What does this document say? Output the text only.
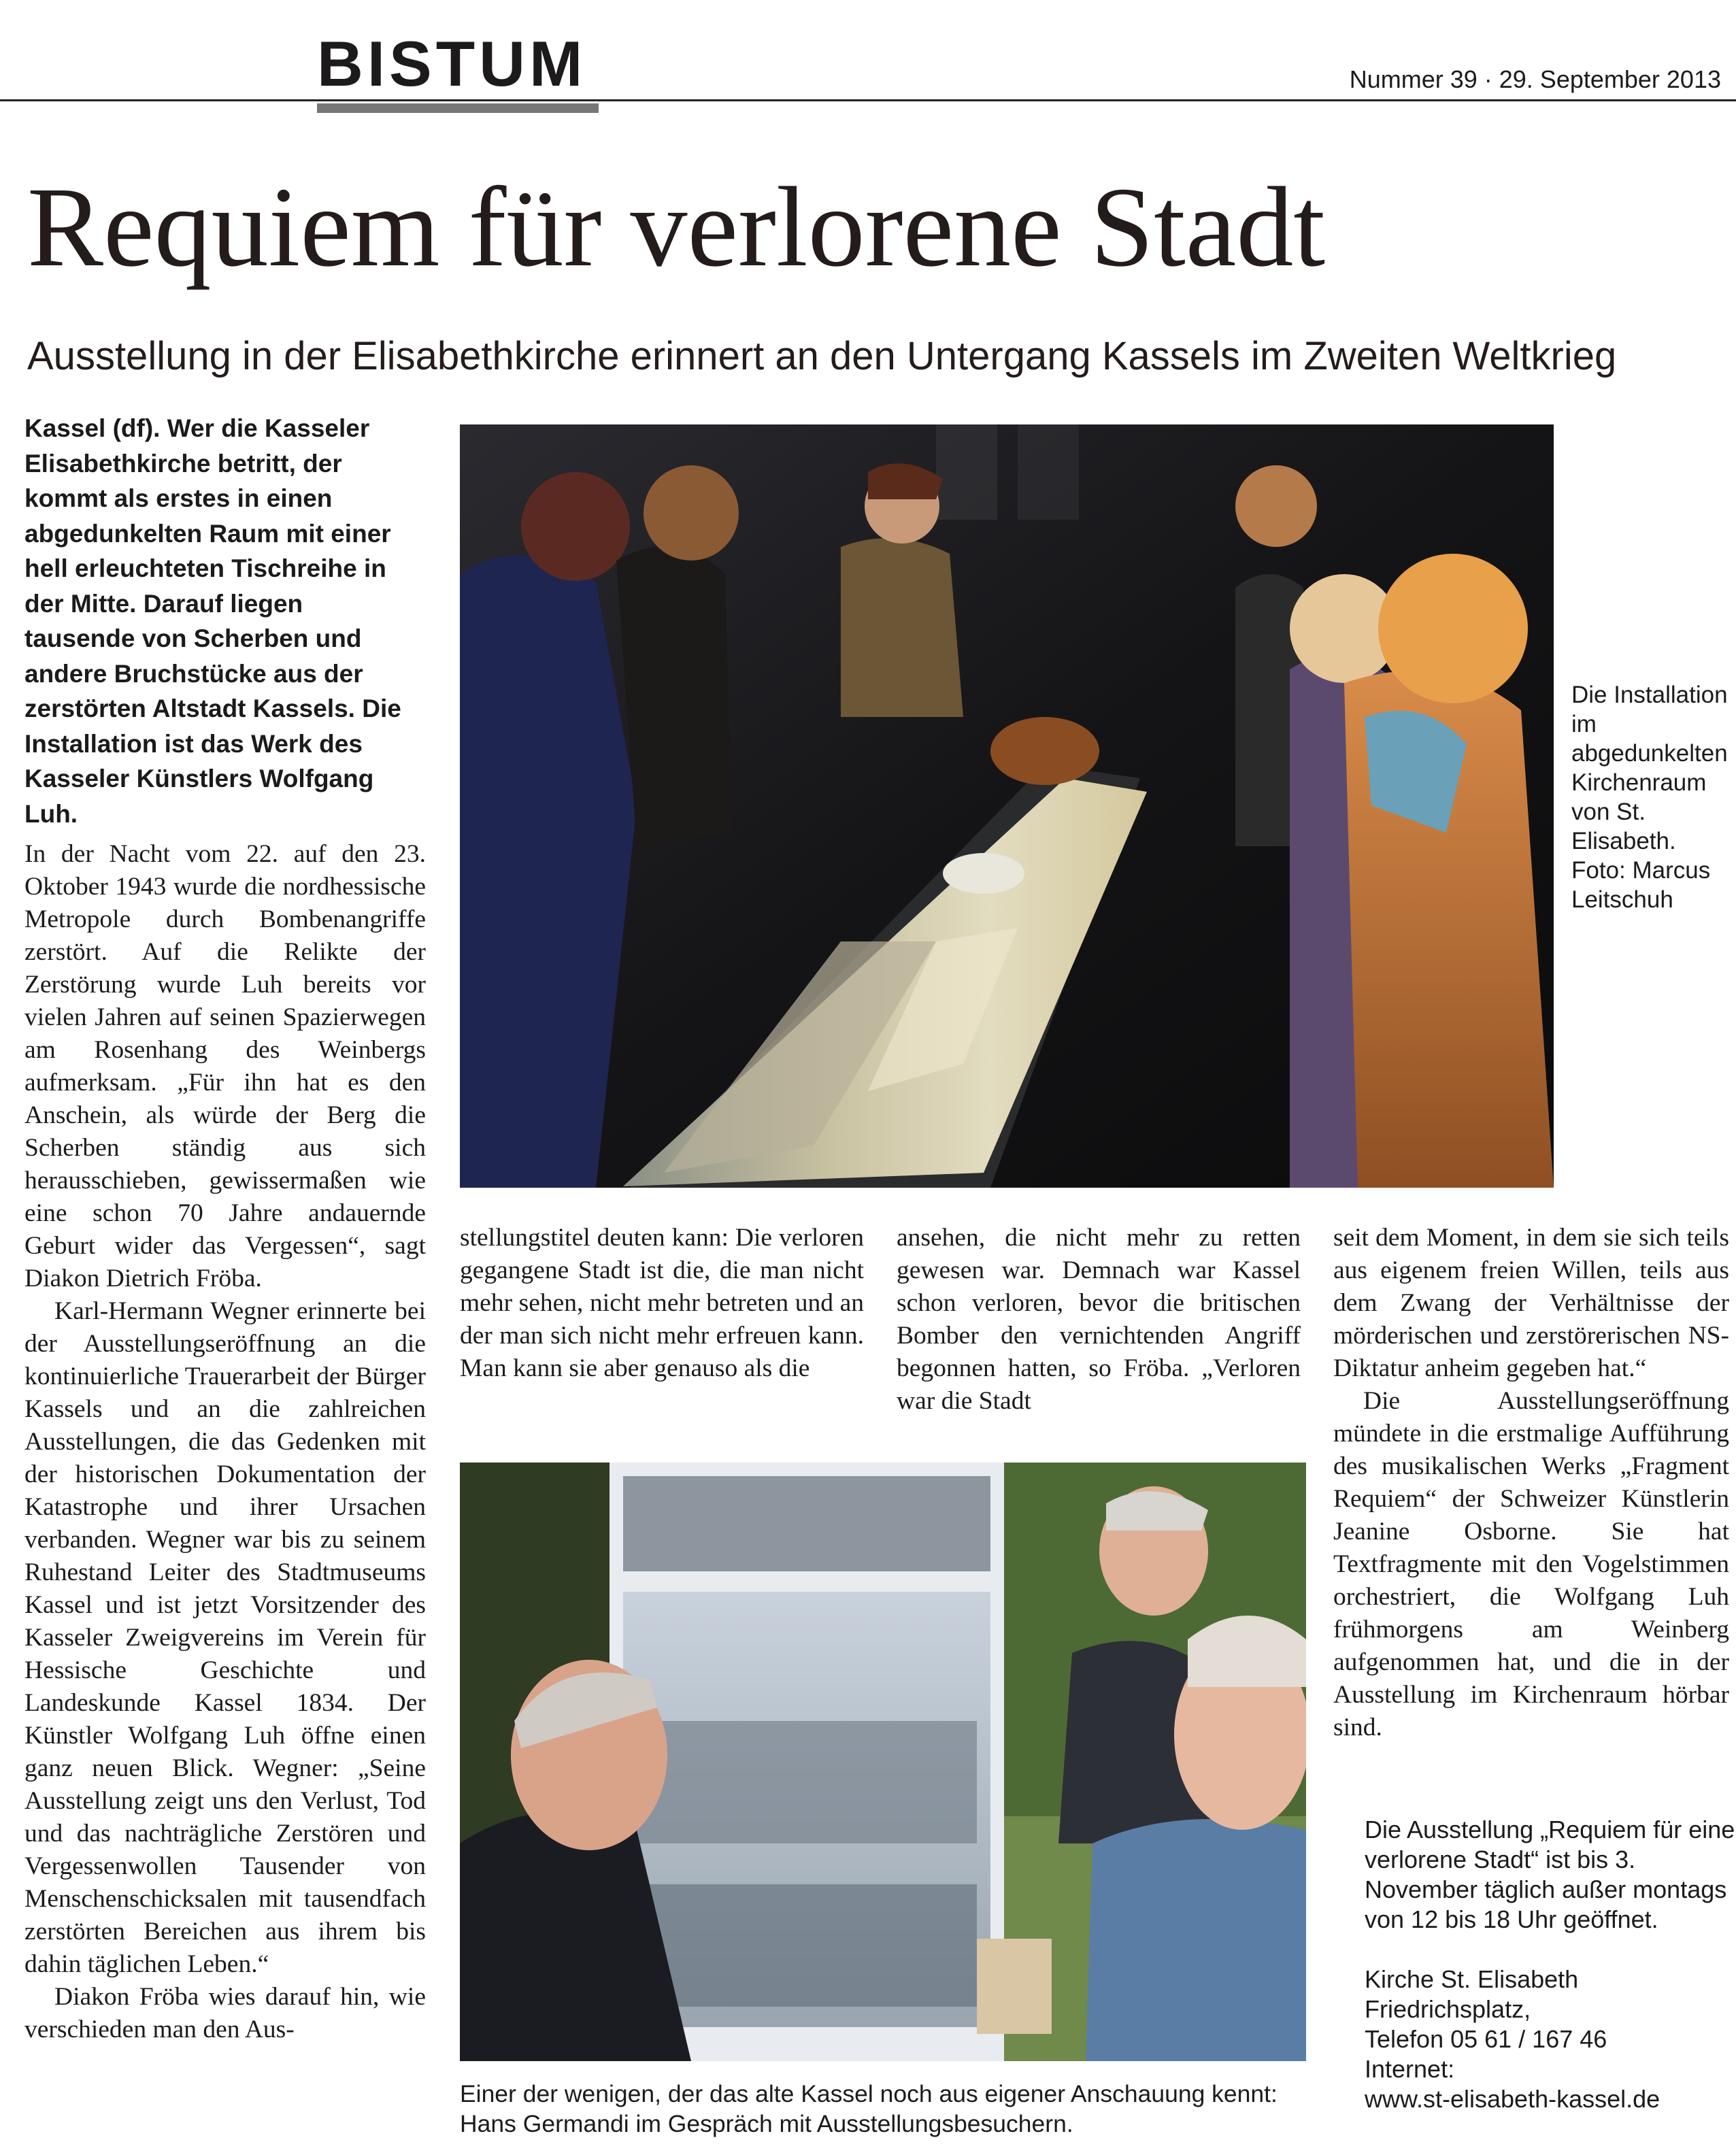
BISTUM	Nummer 39 · 29. September 2013
Requiem für verlorene Stadt
Ausstellung in der Elisabethkirche erinnert an den Untergang Kassels im Zweiten Weltkrieg
Kassel (df). Wer die Kasseler Elisabethkirche betritt, der kommt als erstes in einen abgedunkelten Raum mit einer hell erleuchteten Tischreihe in der Mitte. Darauf liegen tausende von Scherben und andere Bruchstücke aus der zerstörten Altstadt Kassels. Die Installation ist das Werk des Kasseler Künstlers Wolfgang Luh.

In der Nacht vom 22. auf den 23. Oktober 1943 wurde die nordhessische Metropole durch Bombenangriffe zerstört. Auf die Relikte der Zerstörung wurde Luh bereits vor vielen Jahren auf seinen Spazierwegen am Rosenhang des Weinbergs aufmerksam. „Für ihn hat es den Anschein, als würde der Berg die Scherben ständig aus sich herausschieben, gewissermaßen wie eine schon 70 Jahre andauernde Geburt wider das Vergessen“, sagt Diakon Dietrich Fröba.

Karl-Hermann Wegner erinnerte bei der Ausstellungseröffnung an die kontinuierliche Trauerarbeit der Bürger Kassels und an die zahlreichen Ausstellungen, die das Gedenken mit der historischen Dokumentation der Katastrophe und ihrer Ursachen verbanden. Wegner war bis zu seinem Ruhestand Leiter des Stadtmuseums Kassel und ist jetzt Vorsitzender des Kasseler Zweigvereins im Verein für Hessische Geschichte und Landeskunde Kassel 1834. Der Künstler Wolfgang Luh öffne einen ganz neuen Blick. Wegner: „Seine Ausstellung zeigt uns den Verlust, Tod und das nachträgliche Zerstören und Vergessenwollen Tausender von Menschenschicksalen mit tausendfach zerstörten Bereichen aus ihrem bis dahin täglichen Leben.“

Diakon Fröba wies darauf hin, wie verschieden man den Aus-

Die Installation im abgedunkelten Kirchenraum von St. Elisabeth. Foto: Marcus Leitschuh
stellungstitel deuten kann: Die verloren gegangene Stadt ist die, die man nicht mehr sehen, nicht mehr betreten und an der man sich nicht mehr erfreuen kann. Man kann sie aber genauso als die
ansehen, die nicht mehr zu retten gewesen war. Demnach war Kassel schon verloren, bevor die britischen Bomber den vernichtenden Angriff begonnen hatten, so Fröba. „Verloren war die Stadt

seit dem Moment, in dem sie sich teils aus eigenem freien Willen, teils aus dem Zwang der Verhältnisse der mörderischen und zerstörerischen NS-Diktatur anheim gegeben hat.“

Die Ausstellungseröffnung mündete in die erstmalige Aufführung des musikalischen Werks „Fragment Requiem“ der Schweizer Künstlerin Jeanine Osborne. Sie hat Textfragmente mit den Vogelstimmen orchestriert, die Wolfgang Luh frühmorgens am Weinberg aufgenommen hat, und die in der Ausstellung im Kirchenraum hörbar sind.

Einer der wenigen, der das alte Kassel noch aus eigener Anschauung kennt: Hans Germandi im Gespräch mit Ausstellungsbesuchern.

Die Ausstellung „Requiem für eine verlorene Stadt“ ist bis 3. November täglich außer montags von 12 bis 18 Uhr geöffnet.

Kirche St. Elisabeth

Friedrichsplatz,

Telefon 05 61 / 167 46

Internet:

www.st-elisabeth-kassel.de
